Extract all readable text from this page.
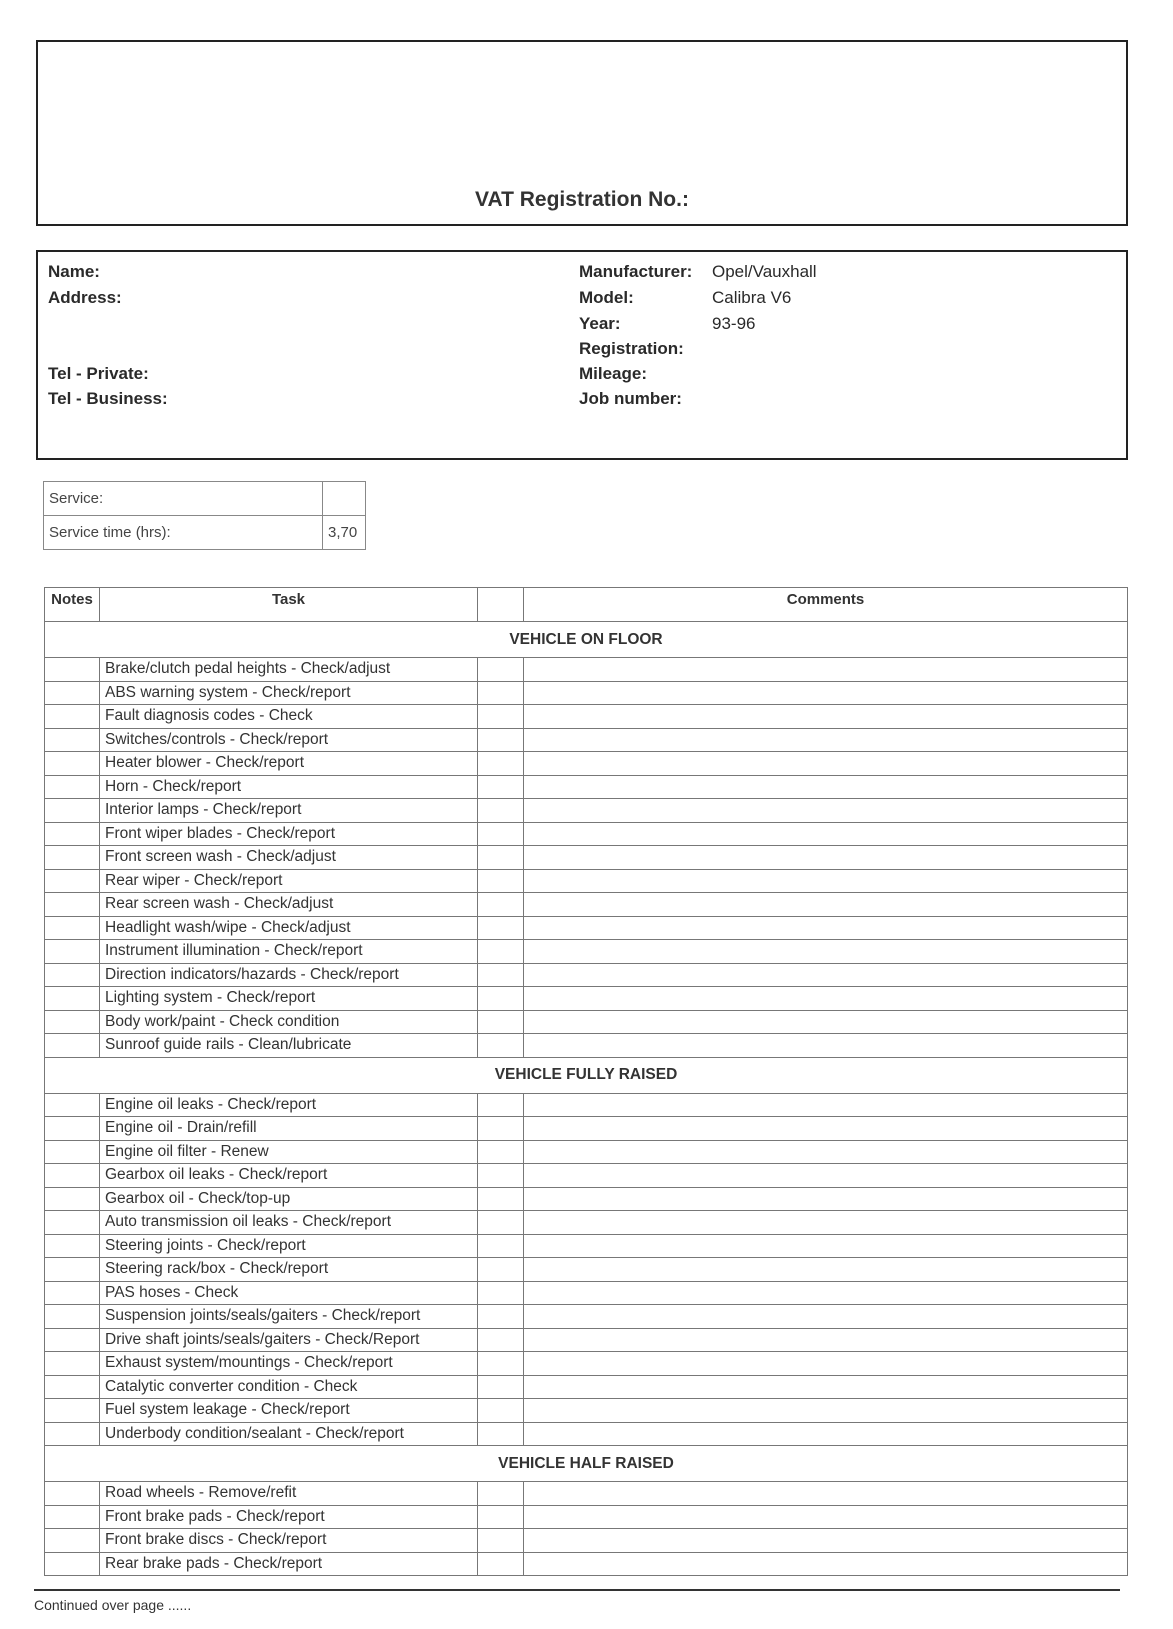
VAT Registration No.:
Name:
Address:
Tel - Private:
Tel - Business:
Manufacturer: Opel/Vauxhall
Model:	Calibra V6
Year:	93-96
Registration:
Mileage:
Job number:
Service:	
Service time (hrs):	3,70
Notes	Task		Comments
VEHICLE ON FLOOR			
	Brake/clutch pedal heights - Check/adjust		
	ABS warning system - Check/report		
	Fault diagnosis codes - Check		
	Switches/controls - Check/report		
	Heater blower - Check/report		
	Horn - Check/report		
	Interior lamps - Check/report		
	Front wiper blades - Check/report		
	Front screen wash - Check/adjust		
	Rear wiper - Check/report		
	Rear screen wash - Check/adjust		
	Headlight wash/wipe - Check/adjust		
	Instrument illumination - Check/report		
	Direction indicators/hazards - Check/report		
	Lighting system - Check/report		
	Body work/paint - Check condition		
	Sunroof guide rails - Clean/lubricate		
VEHICLE FULLY RAISED			
	Engine oil leaks - Check/report		
	Engine oil - Drain/refill		
	Engine oil filter - Renew		
	Gearbox oil leaks - Check/report		
	Gearbox oil - Check/top-up		
	Auto transmission oil leaks - Check/report		
	Steering joints - Check/report		
	Steering rack/box - Check/report		
	PAS hoses - Check		
	Suspension joints/seals/gaiters - Check/report		
	Drive shaft joints/seals/gaiters - Check/Report		
	Exhaust system/mountings - Check/report		
	Catalytic converter condition - Check		
	Fuel system leakage - Check/report		
	Underbody condition/sealant - Check/report		
VEHICLE HALF RAISED			
	Road wheels - Remove/refit		
	Front brake pads - Check/report		
	Front brake discs - Check/report		
	Rear brake pads - Check/report		
Continued over page ......
